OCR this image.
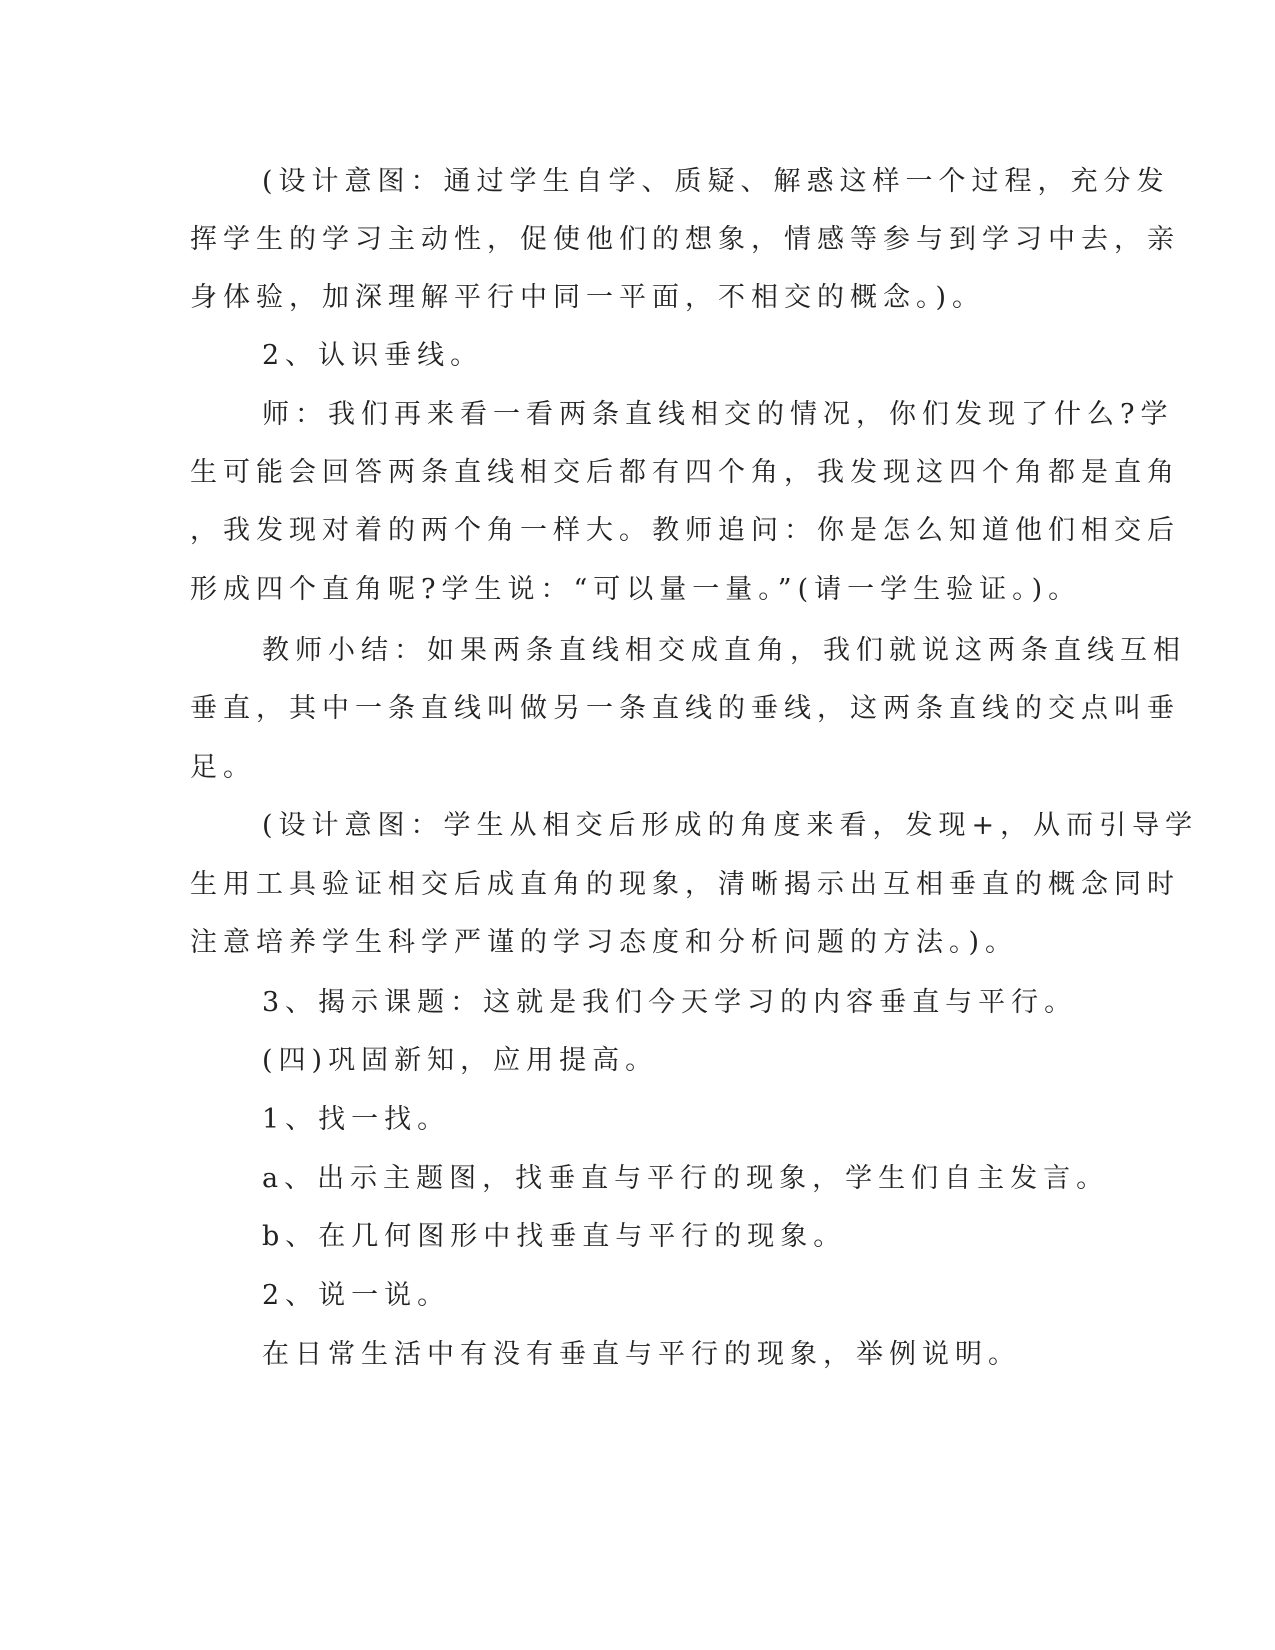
(设计意图：通过学生自学、质疑、解惑这样一个过程，充分发
挥学生的学习主动性，促使他们的想象，情感等参与到学习中去，亲
身体验，加深理解平行中同一平面，不相交的概念。)。
2、认识垂线。
师：我们再来看一看两条直线相交的情况，你们发现了什么?学
生可能会回答两条直线相交后都有四个角，我发现这四个角都是直角
，我发现对着的两个角一样大。教师追问：你是怎么知道他们相交后
形成四个直角呢?学生说：“可以量一量。”(请一学生验证。)。
教师小结：如果两条直线相交成直角，我们就说这两条直线互相
垂直，其中一条直线叫做另一条直线的垂线，这两条直线的交点叫垂
足。
(设计意图：学生从相交后形成的角度来看，发现+，从而引导学
生用工具验证相交后成直角的现象，清晰揭示出互相垂直的概念同时
注意培养学生科学严谨的学习态度和分析问题的方法。)。
3、揭示课题：这就是我们今天学习的内容垂直与平行。
(四)巩固新知，应用提高。
1、找一找。
a、出示主题图，找垂直与平行的现象，学生们自主发言。
b、在几何图形中找垂直与平行的现象。
2、说一说。
在日常生活中有没有垂直与平行的现象，举例说明。
